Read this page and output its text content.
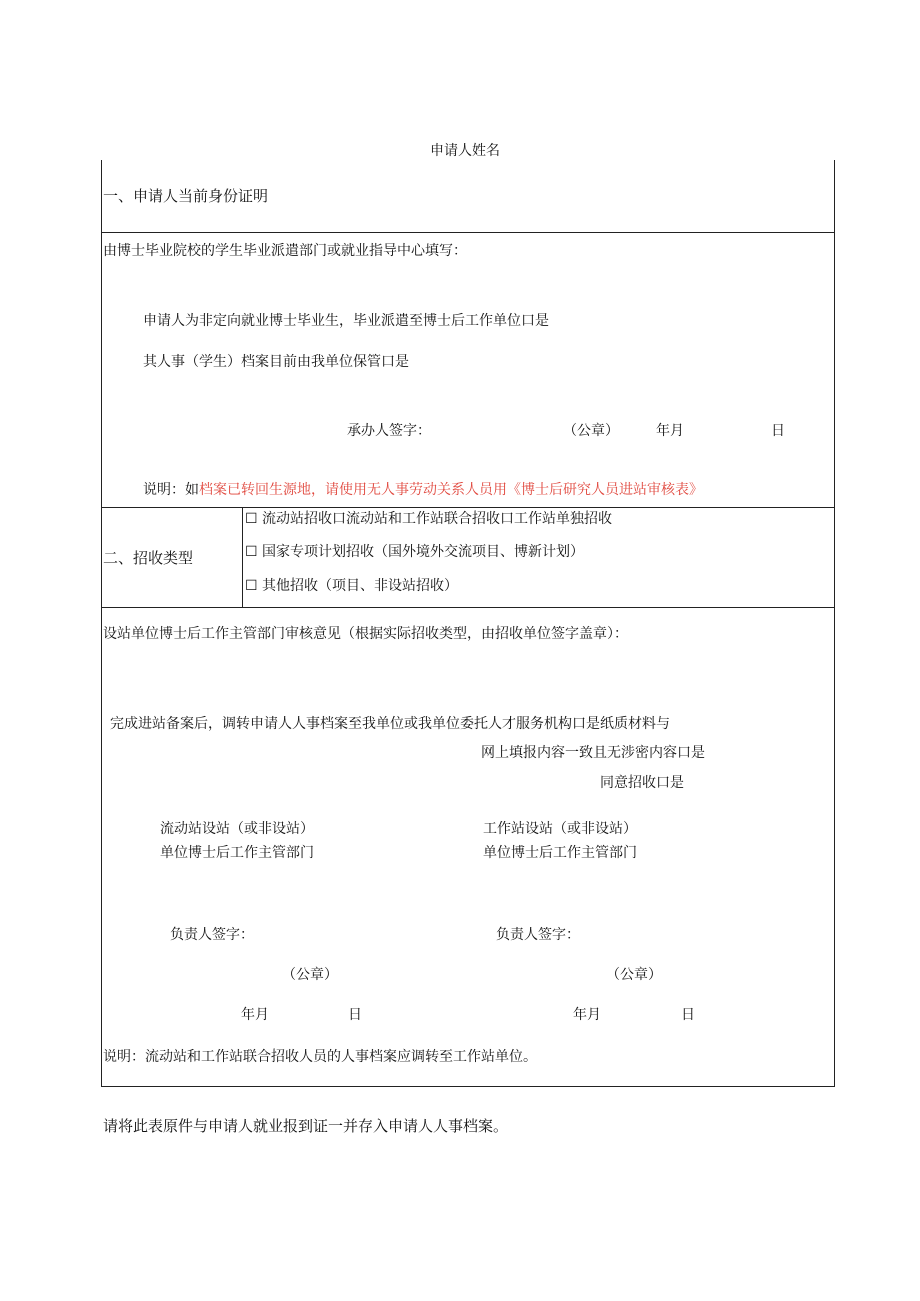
申请人姓名
一、申请人当前身份证明
由博士毕业院校的学生毕业派遣部门或就业指导中心填写：
申请人为非定向就业博士毕业生，毕业派遣至博士后工作单位口是
其人事（学生）档案目前由我单位保管口是
承办人签字：	（公章）	年月	日
说明：如档案已转回生源地，请使用无人事劳动关系人员用《博士后研究人员进站审核表》
二、招收类型
☐ 流动站招收口流动站和工作站联合招收口工作站单独招收
☐ 国家专项计划招收（国外境外交流项目、博新计划）
☐ 其他招收（项目、非设站招收）
设站单位博士后工作主管部门审核意见（根据实际招收类型，由招收单位签字盖章）：
完成进站备案后，调转申请人人事档案至我单位或我单位委托人才服务机构口是纸质材料与
网上填报内容一致且无涉密内容口是
同意招收口是
流动站设站（或非设站）
单位博士后工作主管部门
工作站设站（或非设站）
单位博士后工作主管部门
负责人签字：	负责人签字：
（公章）	（公章）
年月	日	年月	日
说明：流动站和工作站联合招收人员的人事档案应调转至工作站单位。
请将此表原件与申请人就业报到证一并存入申请人人事档案。
